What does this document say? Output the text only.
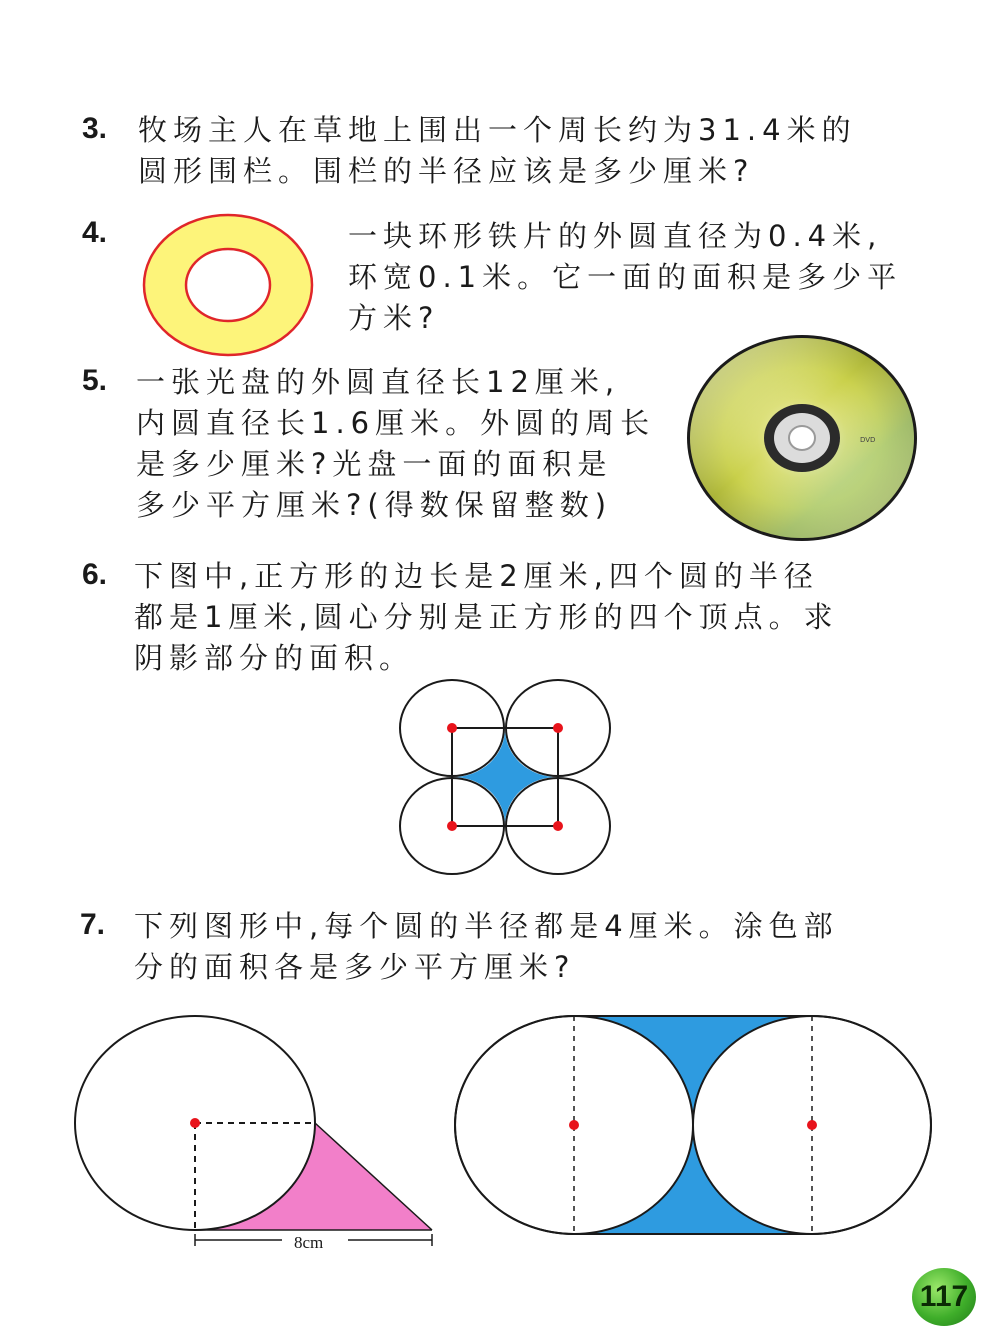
3. 牧场主人在草地上围出一个周长约为31.4米的
圆形围栏。围栏的半径应该是多少厘米?
4.	一块环形铁片的外圆直径为0.4米,
环宽0.1米。它一面的面积是多少平
方米?
5. 一张光盘的外圆直径长12厘米,
内圆直径长1.6厘米。外圆的周长
是多少厘米?光盘一面的面积是
多少平方厘米?(得数保留整数)
DVD
6. 下图中,正方形的边长是2厘米,四个圆的半径
都是1厘米,圆心分别是正方形的四个顶点。求
阴影部分的面积。
7. 下列图形中,每个圆的半径都是4厘米。涂色部
分的面积各是多少平方厘米?
8cm
117
